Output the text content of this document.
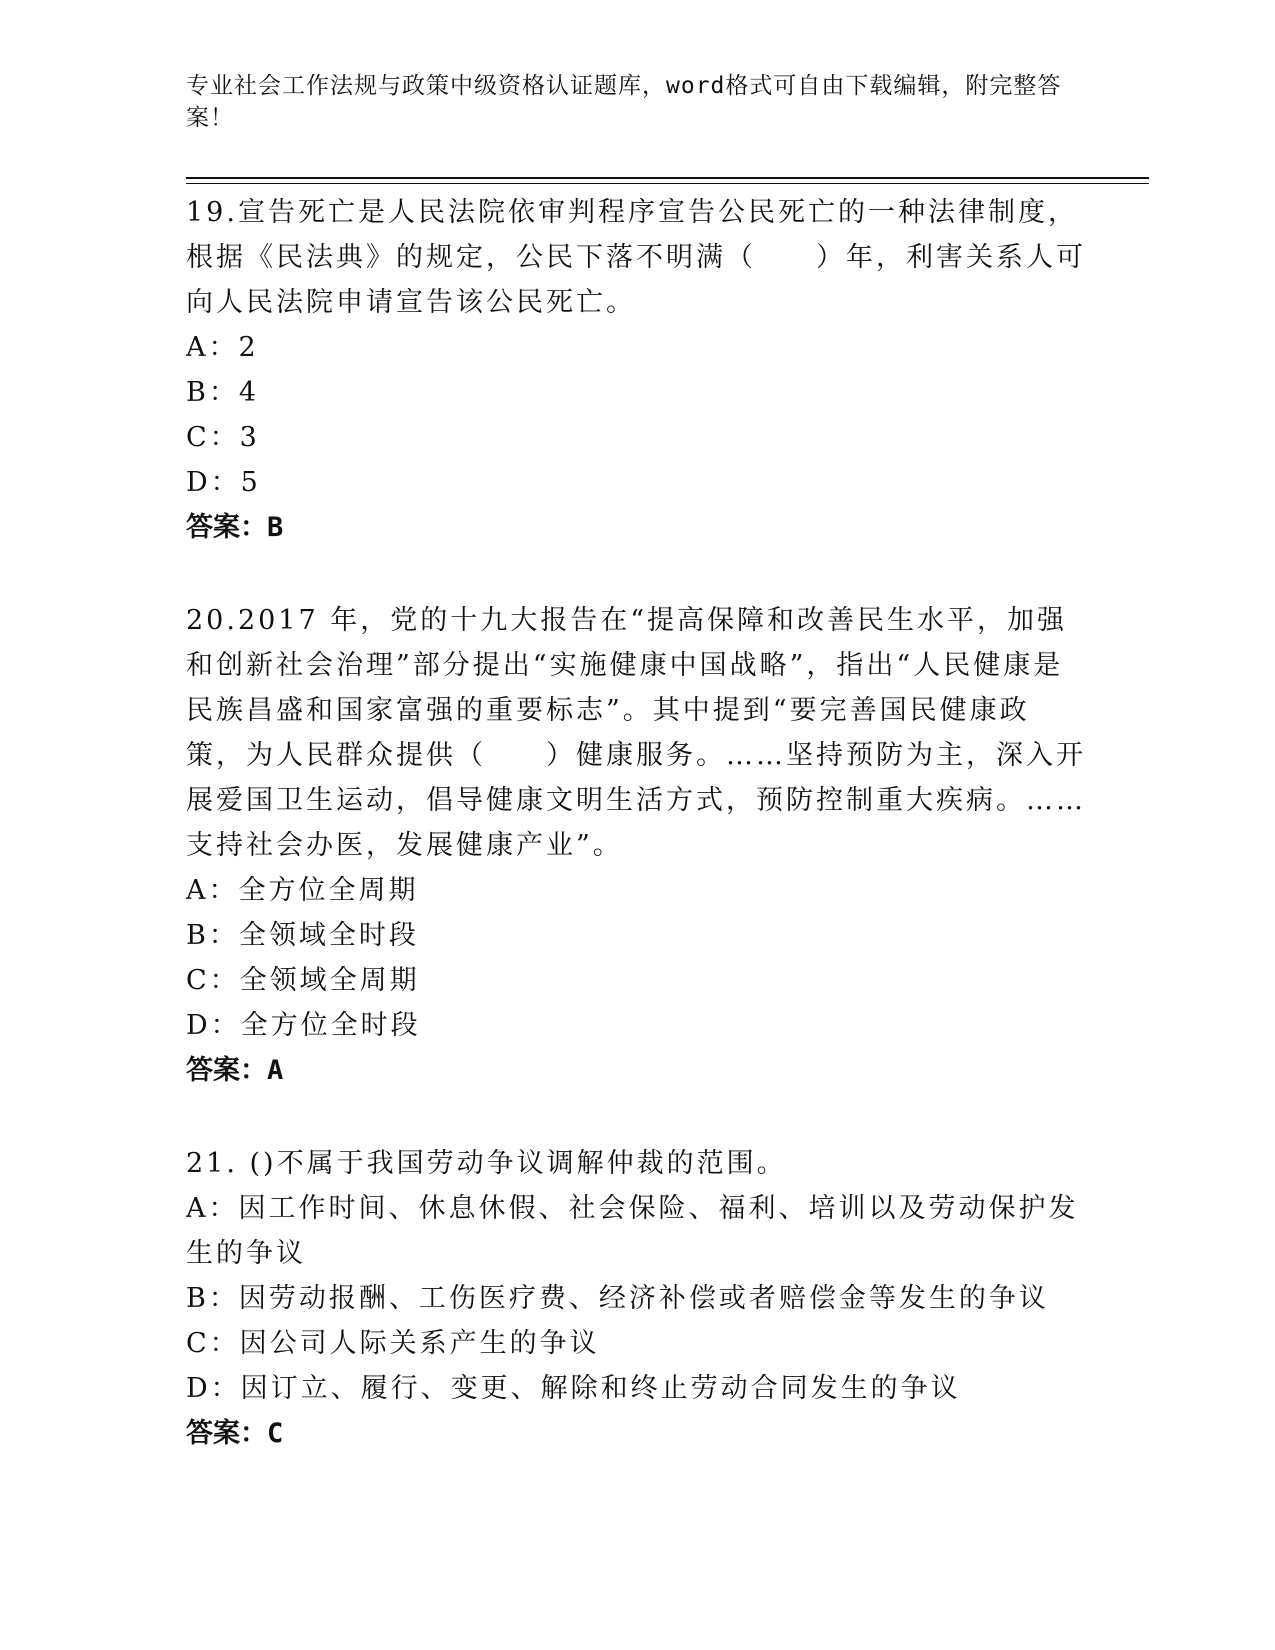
专业社会工作法规与政策中级资格认证题库，word格式可自由下载编辑，附完整答案！

19.宣告死亡是人民法院依审判程序宣告公民死亡的一种法律制度，根据《民法典》的规定，公民下落不明满（　　）年，利害关系人可向人民法院申请宣告该公民死亡。

A：2

B：4

C：3

D：5

答案：B

20.2017 年，党的十九大报告在“提高保障和改善民生水平，加强和创新社会治理”部分提出“实施健康中国战略”，指出“人民健康是民族昌盛和国家富强的重要标志”。其中提到“要完善国民健康政策，为人民群众提供（　　）健康服务。……坚持预防为主，深入开展爱国卫生运动，倡导健康文明生活方式，预防控制重大疾病。……支持社会办医，发展健康产业”。

A：全方位全周期

B：全领域全时段

C：全领域全周期

D：全方位全时段

答案：A

21. ()不属于我国劳动争议调解仲裁的范围。

A：因工作时间、休息休假、社会保险、福利、培训以及劳动保护发生的争议

B：因劳动报酬、工伤医疗费、经济补偿或者赔偿金等发生的争议

C：因公司人际关系产生的争议

D：因订立、履行、变更、解除和终止劳动合同发生的争议

答案：C
